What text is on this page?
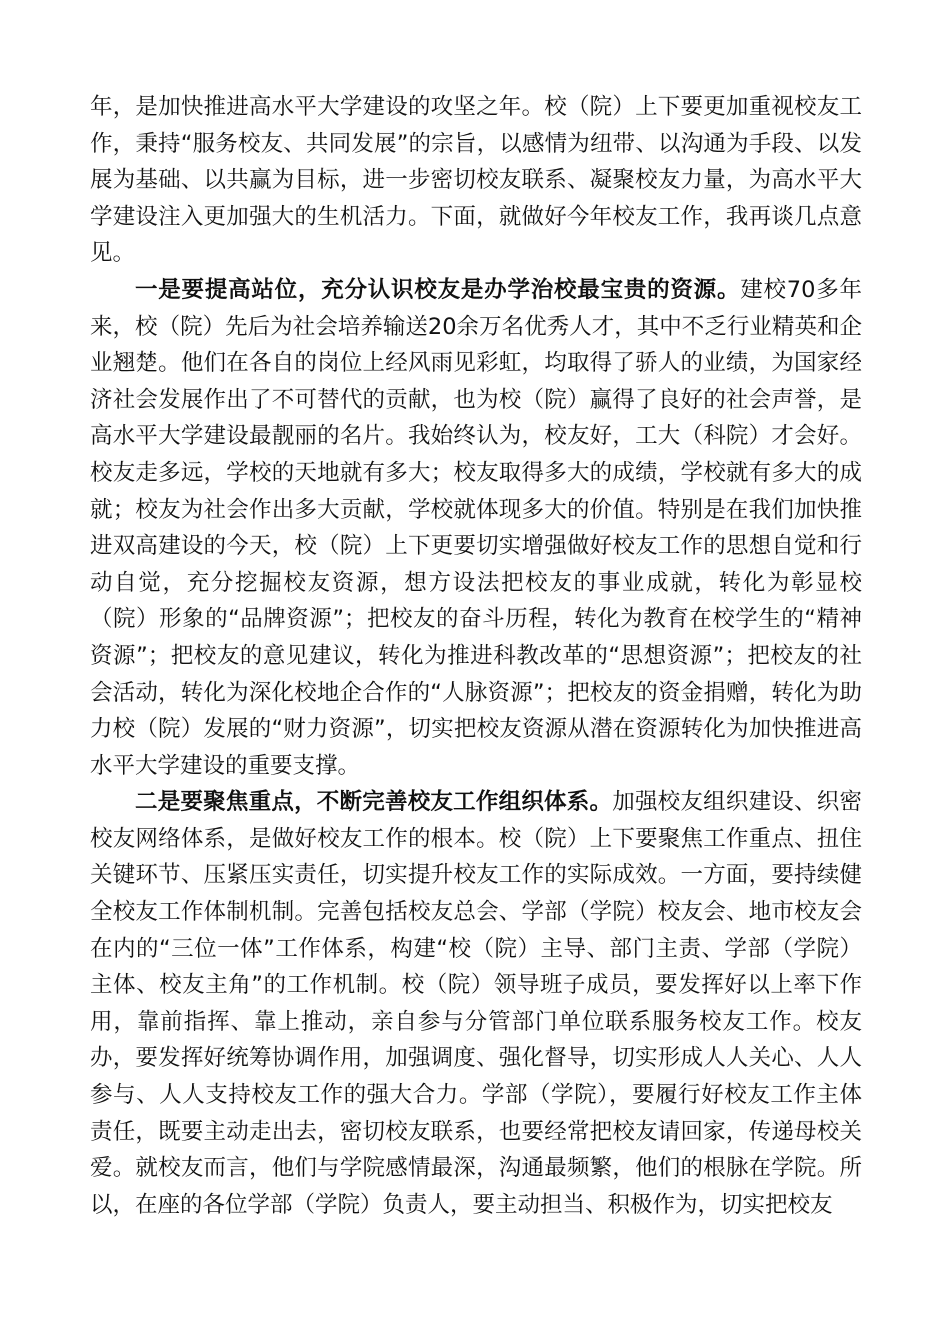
年，是加快推进高水平大学建设的攻坚之年。校（院）上下要更加重视校友工作，秉持“服务校友、共同发展”的宗旨，以感情为纽带、以沟通为手段、以发展为基础、以共赢为目标，进一步密切校友联系、凝聚校友力量，为高水平大学建设注入更加强大的生机活力。下面，就做好今年校友工作，我再谈几点意见。

一是要提高站位，充分认识校友是办学治校最宝贵的资源。建校70多年来，校（院）先后为社会培养输送20余万名优秀人才，其中不乏行业精英和企业翘楚。他们在各自的岗位上经风雨见彩虹，均取得了骄人的业绩，为国家经济社会发展作出了不可替代的贡献，也为校（院）赢得了良好的社会声誉，是高水平大学建设最靓丽的名片。我始终认为，校友好，工大（科院）才会好。校友走多远，学校的天地就有多大；校友取得多大的成绩，学校就有多大的成就；校友为社会作出多大贡献，学校就体现多大的价值。特别是在我们加快推进双高建设的今天，校（院）上下更要切实增强做好校友工作的思想自觉和行动自觉，充分挖掘校友资源，想方设法把校友的事业成就，转化为彰显校（院）形象的“品牌资源”；把校友的奋斗历程，转化为教育在校学生的“精神资源”；把校友的意见建议，转化为推进科教改革的“思想资源”；把校友的社会活动，转化为深化校地企合作的“人脉资源”；把校友的资金捐赠，转化为助力校（院）发展的“财力资源”，切实把校友资源从潜在资源转化为加快推进高水平大学建设的重要支撑。

二是要聚焦重点，不断完善校友工作组织体系。加强校友组织建设、织密校友网络体系，是做好校友工作的根本。校（院）上下要聚焦工作重点、扭住关键环节、压紧压实责任，切实提升校友工作的实际成效。一方面，要持续健全校友工作体制机制。完善包括校友总会、学部（学院）校友会、地市校友会在内的“三位一体”工作体系，构建“校（院）主导、部门主责、学部（学院）主体、校友主角”的工作机制。校（院）领导班子成员，要发挥好以上率下作用，靠前指挥、靠上推动，亲自参与分管部门单位联系服务校友工作。校友办，要发挥好统筹协调作用，加强调度、强化督导，切实形成人人关心、人人参与、人人支持校友工作的强大合力。学部（学院），要履行好校友工作主体责任，既要主动走出去，密切校友联系，也要经常把校友请回家，传递母校关爱。就校友而言，他们与学院感情最深，沟通最频繁，他们的根脉在学院。所以，在座的各位学部（学院）负责人，要主动担当、积极作为，切实把校友
